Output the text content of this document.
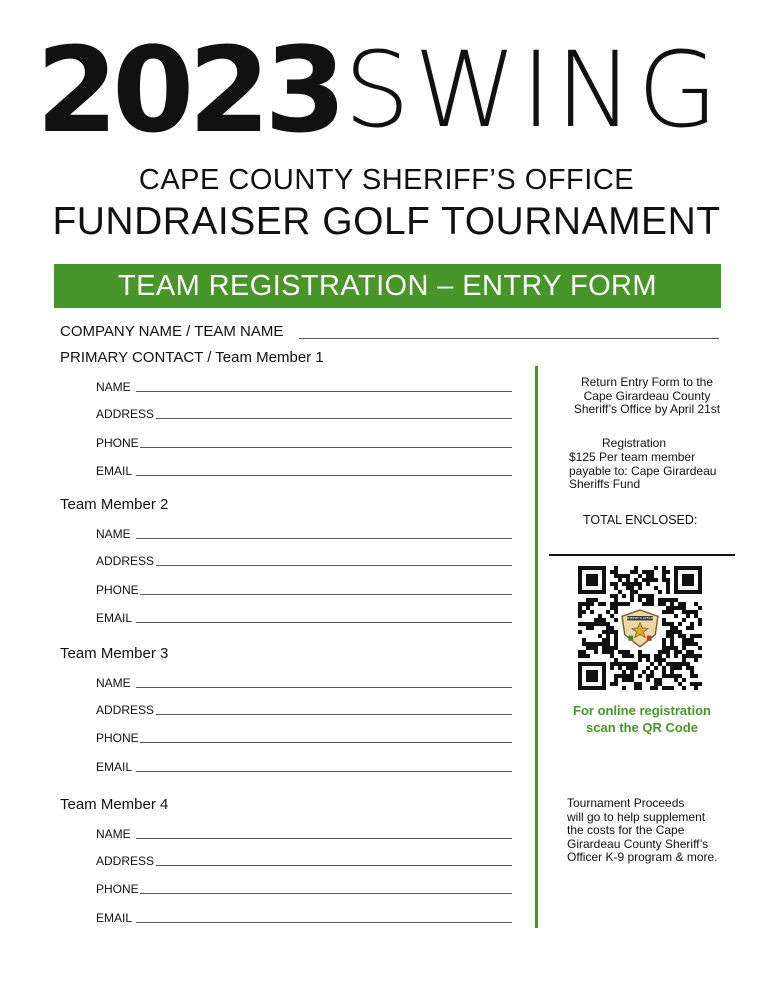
2023 SWING
CAPE COUNTY SHERIFF’S OFFICE
FUNDRAISER GOLF TOURNAMENT
TEAM REGISTRATION – ENTRY FORM
COMPANY NAME / TEAM NAME
PRIMARY CONTACT / Team Member 1
NAME
ADDRESS
PHONE
EMAIL
Team Member 2
NAME
ADDRESS
PHONE
EMAIL
Team Member 3
NAME
ADDRESS
PHONE
EMAIL
Team Member 4
NAME
ADDRESS
PHONE
EMAIL
Return Entry Form to the
Cape Girardeau County
Sheriff’s Office by April 21st
Registration
$125 Per team member
payable to: Cape Girardeau
Sheriffs Fund
TOTAL ENCLOSED:
For online registration
scan the QR Code
Tournament Proceeds
will go to help supplement
the costs for the Cape
Girardeau County Sheriff’s
Officer K-9 program & more.
